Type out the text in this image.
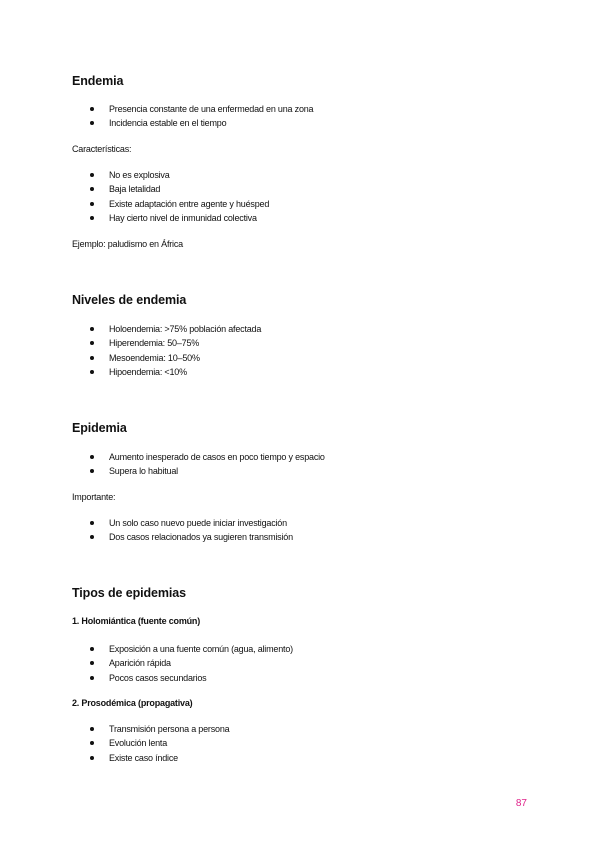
Endemia
Presencia constante de una enfermedad en una zona
Incidencia estable en el tiempo
Características:
No es explosiva
Baja letalidad
Existe adaptación entre agente y huésped
Hay cierto nivel de inmunidad colectiva
Ejemplo: paludismo en África
Niveles de endemia
Holoendemia: >75% población afectada
Hiperendemia: 50–75%
Mesoendemia: 10–50%
Hipoendemia: <10%
Epidemia
Aumento inesperado de casos en poco tiempo y espacio
Supera lo habitual
Importante:
Un solo caso nuevo puede iniciar investigación
Dos casos relacionados ya sugieren transmisión
Tipos de epidemias
1. Holomiántica (fuente común)
Exposición a una fuente común (agua, alimento)
Aparición rápida
Pocos casos secundarios
2. Prosodémica (propagativa)
Transmisión persona a persona
Evolución lenta
Existe caso índice
87
